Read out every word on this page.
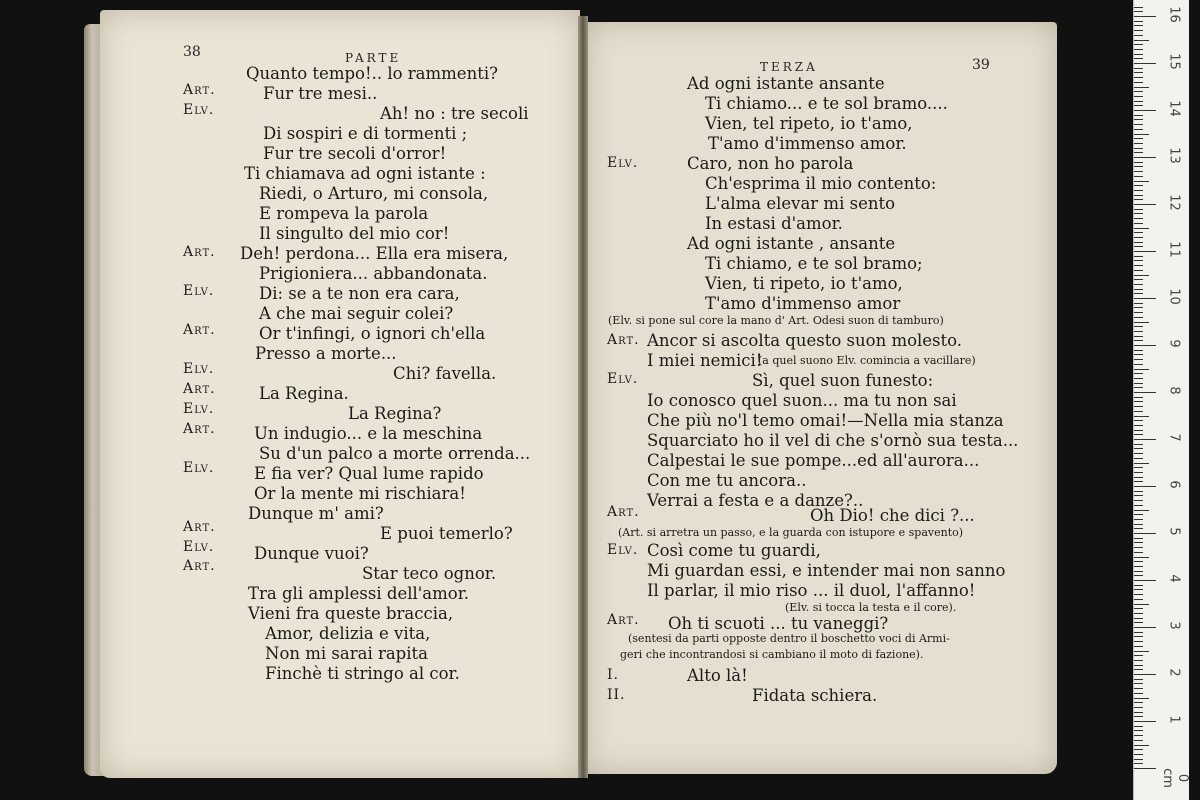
38	PARTE
Art.
Elv.
Art.
Elv.
Art.
Elv.
Art.
Elv.
Art.
Elv.
Art.
Elv.
Art.
Quanto tempo!.. lo rammenti?
Fur tre mesi..
Ah! no : tre secoli
Di sospiri e di tormenti ;
Fur tre secoli d'orror!
Ti chiamava ad ogni istante :
Riedi, o Arturo, mi consola,
E rompeva la parola
Il singulto del mio cor!
Deh! perdona... Ella era misera,
Prigioniera... abbandonata.
Di: se a te non era cara,
A che mai seguir colei?
Or t'infingi, o ignori ch'ella
Presso a morte...
Chi? favella.
La Regina.
La Regina?
Un indugio... e la meschina
Su d'un palco a morte orrenda...
E fia ver? Qual lume rapido
Or la mente mi rischiara!
Dunque m' ami?
E puoi temerlo?
Dunque vuoi?
Star teco ognor.
Tra gli amplessi dell'amor.
Vieni fra queste braccia,
Amor, delizia e vita,
Non mi sarai rapita
Finchè ti stringo al cor.
39
TERZA
Elv.
Art.
Elv.
Art.
Elv.
Art.
I.
II.
Ad ogni istante ansante
Ti chiamo... e te sol bramo....
Vien, tel ripeto, io t'amo,
T'amo d'immenso amor.
Caro, non ho parola
Ch'esprima il mio contento:
L'alma elevar mi sento
In estasi d'amor.
Ad ogni istante , ansante
Ti chiamo, e te sol bramo;
Vien, ti ripeto, io t'amo,
T'amo d'immenso amor
(Elv. si pone sul core la mano d' Art. Odesi suon di tamburo)
Ancor si ascolta questo suon molesto.
I miei nemici!
(a quel suono Elv. comincia a vacillare)
Sì, quel suon funesto:
Io conosco quel suon... ma tu non sai
Che più no'l temo omai!—Nella mia stanza
Squarciato ho il vel di che s'ornò sua testa...
Calpestai le sue pompe...ed all'aurora...
Con me tu ancora..
Verrai a festa e a danze?..
Oh Dio! che dici ?...
(Art. si arretra un passo, e la guarda con istupore e spavento)
Così come tu guardi,
Mi guardan essi, e intender mai non sanno
Il parlar, il mio riso ... il duol, l'affanno!
(Elv. si tocca la testa e il core).
Oh ti scuoti ... tu vaneggi?
(sentesi da parti opposte dentro il boschetto voci di Armi-
geri che incontrandosi si cambiano il moto di fazione).
Alto là!
Fidata schiera.
1
2
3
4
5
6
7
8
9
10
11
12
13
14
15
16
0 cm
